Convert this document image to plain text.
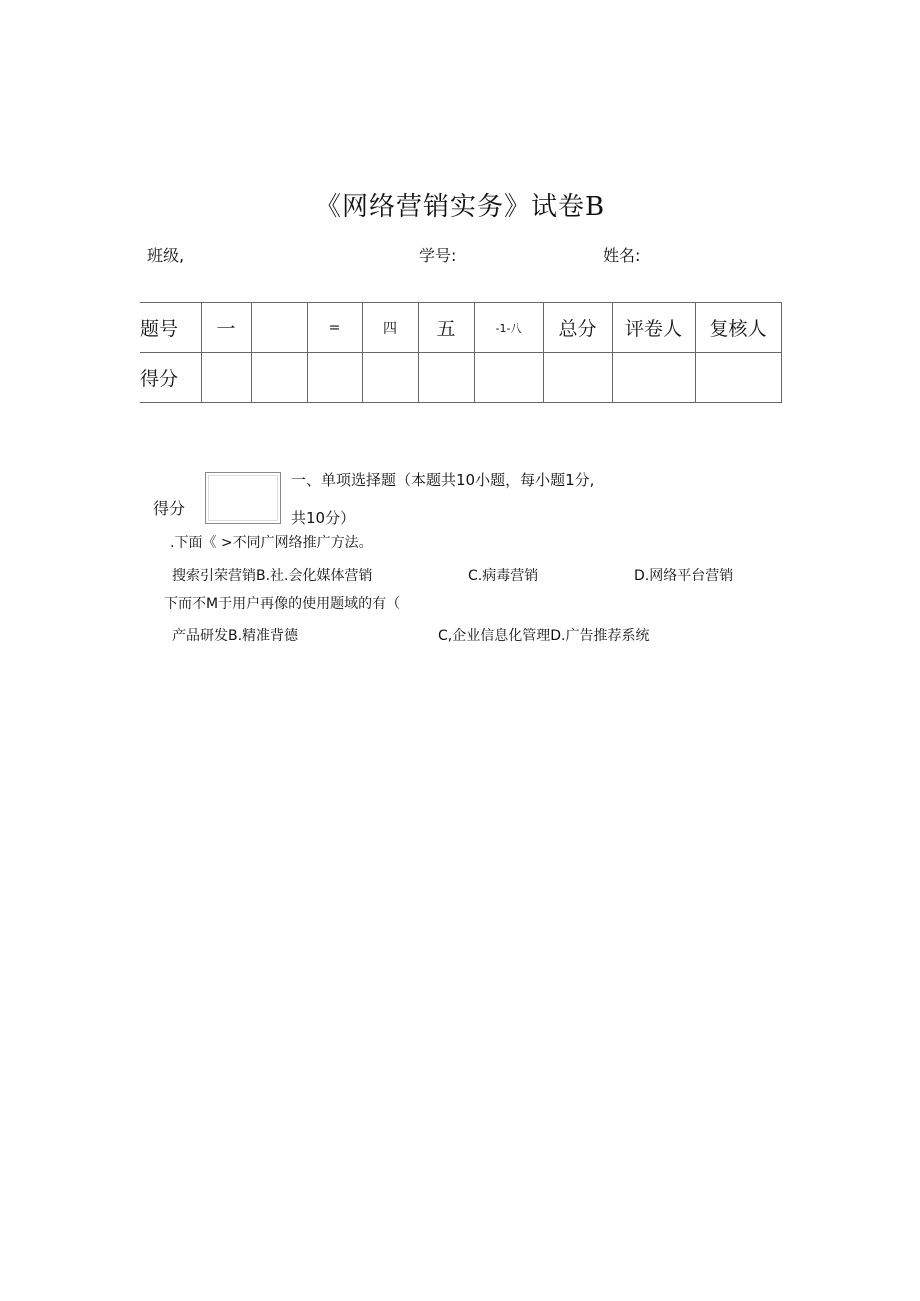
《网络营销实务》试卷B
班级,	学号:	姓名:
题号	一		=	四	五	-1-八	总分	评卷人	复核人
得分									
得分
一、单项选择题（本题共10小题，每小题1分,
共10分）
.下面《 >不同广网络推广方法。
搜索引荣营销B.社.会化媒体营销	C.病毒营销	D.网络平台营销
下而不M于用户再像的使用题域的有（
产品研发B.精准背德	C,企业信息化管理D.广告推荐系统
